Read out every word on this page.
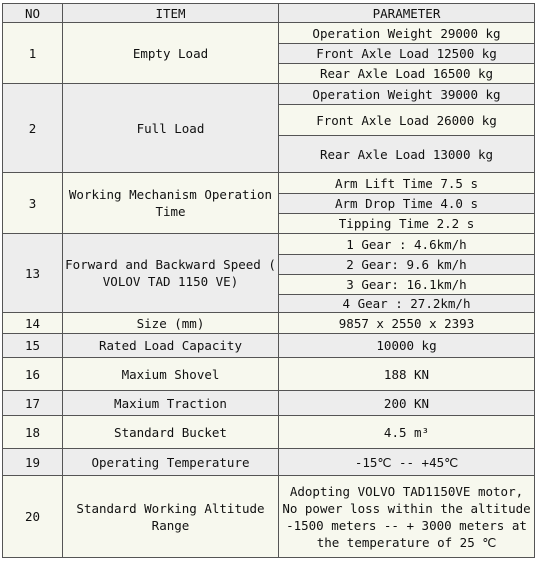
NO	ITEM	PARAMETER
1	Empty Load	Operation Weight 29000 kg
		Front Axle Load 12500 kg
		Rear Axle Load 16500 kg
2	Full Load	Operation Weight 39000 kg
		Front Axle Load 26000 kg
		Rear Axle Load 13000 kg
3	Working Mechanism Operation Time	Arm Lift Time 7.5 s
		Arm Drop Time 4.0 s
		Tipping Time 2.2 s
13	Forward and Backward Speed ( VOLOV TAD 1150 VE)	1 Gear : 4.6km/h
		2 Gear: 9.6 km/h
		3 Gear: 16.1km/h
		4 Gear : 27.2km/h
14	Size (mm)	9857 x 2550 x 2393
15	Rated Load Capacity	10000 kg
16	Maxium Shovel	188 KN
17	Maxium Traction	200 KN
18	Standard Bucket	4.5 m³
19	Operating Temperature	-15℃ -- +45℃
20	Standard Working Altitude Range	Adopting VOLVO TAD1150VE motor, No power loss within the altitude -1500 meters -- + 3000 meters at the temperature of 25 ℃
